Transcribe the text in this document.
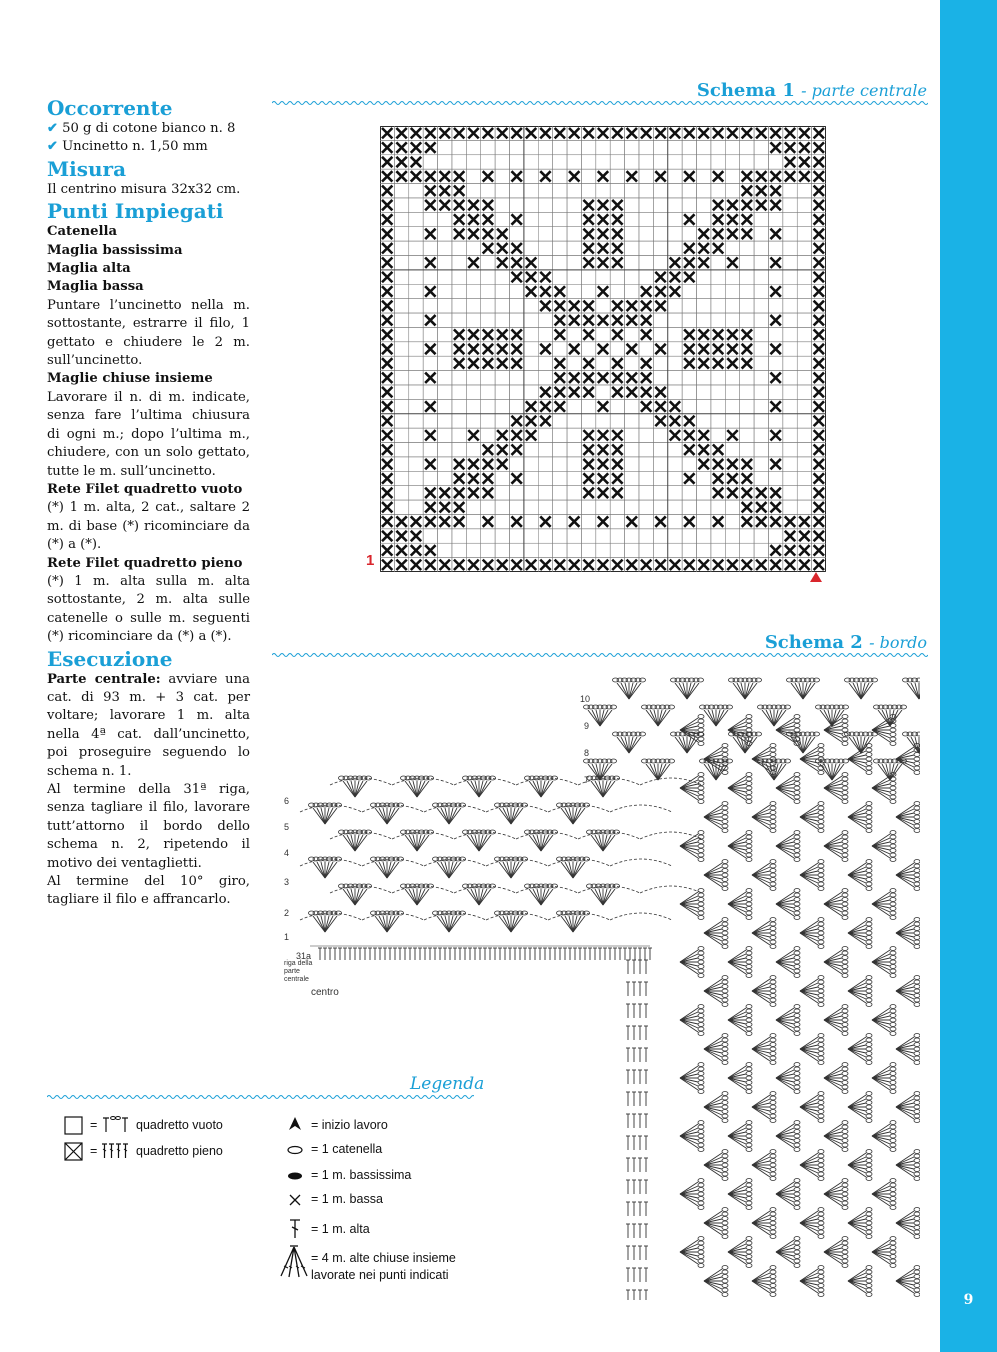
9
Occorrente

✔ 50 g di cotone bianco n. 8

✔ Uncinetto n. 1,50 mm

Misura

Il centrino misura 32x32 cm.

Punti Impiegati

Catenella

Maglia bassissima

Maglia alta

Maglia bassa

Puntare l’uncinetto nella m. sottostante, estrarre il filo, 1 gettato e chiudere le 2 m. sull’uncinetto.

Maglie chiuse insieme

Lavorare il n. di m. indicate, senza fare l’ultima chiusura di ogni m.; dopo l’ultima m., chiudere, con un solo gettato, tutte le m. sull’uncinetto.

Rete Filet quadretto vuoto

(*) 1 m. alta, 2 cat., saltare 2 m. di base (*) ricominciare da (*) a (*).

Rete Filet quadretto pieno

(*) 1 m. alta sulla m. alta sottostante, 2 m. alta sulle catenelle o sulle m. seguenti (*) ricominciare da (*) a (*).

Esecuzione

Parte centrale: avviare una cat. di 93 m. + 3 cat. per voltare; lavorare 1 m. alta nella 4ª cat. dall’uncinetto, poi proseguire seguendo lo schema n. 1.

Al termine della 31ª riga, senza tagliare il filo, lavorare tutt’attorno il bordo dello schema n. 2, ripetendo il motivo dei ventaglietti.

Al termine del 10° giro, tagliare il filo e affrancarlo.

Schema 1 - parte centrale
1
Schema 2 - bordo
10
9
8
7
6
5
4
3
2
1
31a
riga della
parte
centrale
centro
Legenda
=	quadretto vuoto
=	quadretto pieno
= inizio lavoro
= 1 catenella
= 1 m. bassissima
= 1 m. bassa
= 1 m. alta
= 4 m. alte chiuse insieme
lavorate nei punti indicati
